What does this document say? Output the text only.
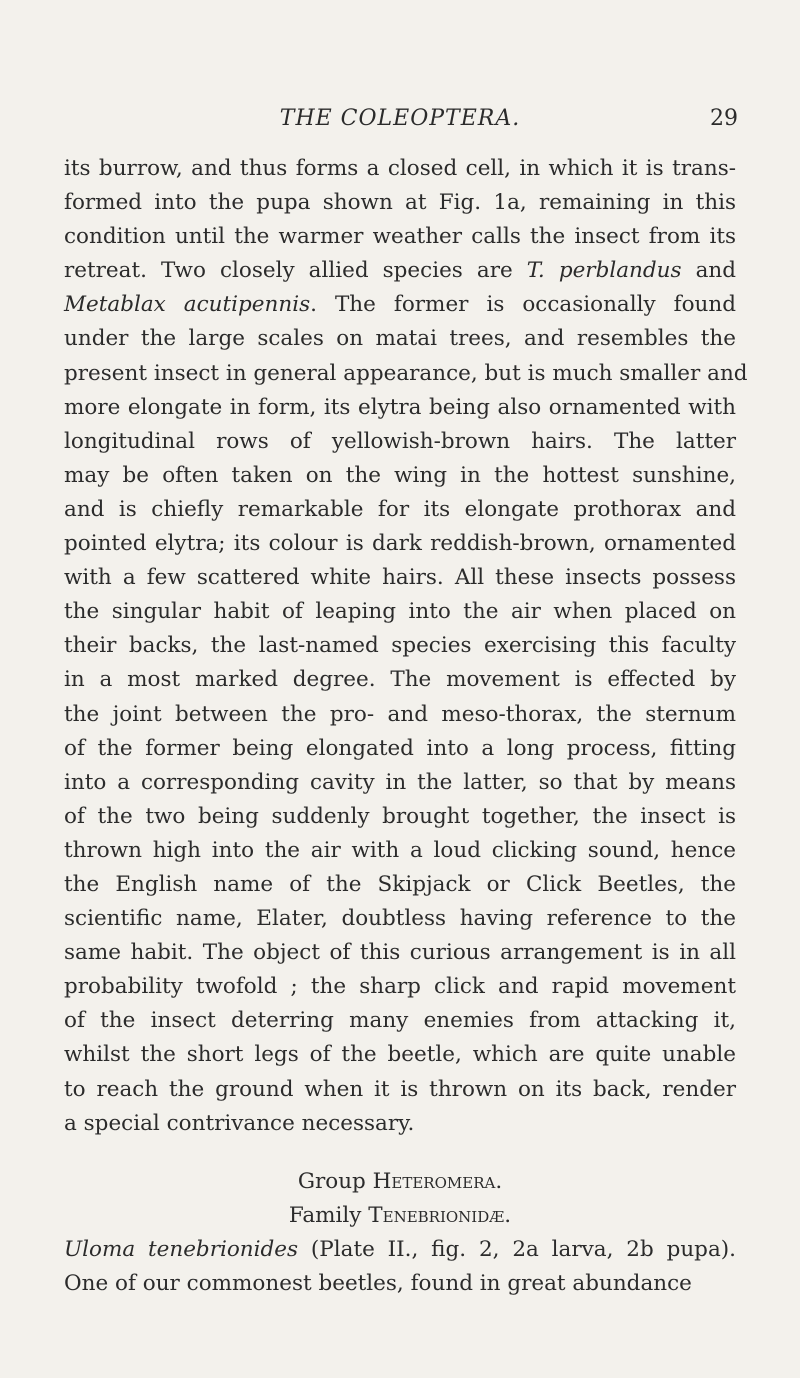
THE COLEOPTERA.	29
its burrow, and thus forms a closed cell, in which it is trans-
formed into the pupa shown at Fig. 1a, remaining in this
condition until the warmer weather calls the insect from its
retreat. Two closely allied species are T. perblandus and
Metablax acutipennis. The former is occasionally found
under the large scales on matai trees, and resembles the
present insect in general appearance, but is much smaller and
more elongate in form, its elytra being also ornamented with
longitudinal rows of yellowish-brown hairs. The latter
may be often taken on the wing in the hottest sunshine,
and is chiefly remarkable for its elongate prothorax and
pointed elytra; its colour is dark reddish-brown, ornamented
with a few scattered white hairs. All these insects possess
the singular habit of leaping into the air when placed on
their backs, the last-named species exercising this faculty
in a most marked degree. The movement is effected by
the joint between the pro- and meso-thorax, the sternum
of the former being elongated into a long process, fitting
into a corresponding cavity in the latter, so that by means
of the two being suddenly brought together, the insect is
thrown high into the air with a loud clicking sound, hence
the English name of the Skipjack or Click Beetles, the
scientific name, Elater, doubtless having reference to the
same habit. The object of this curious arrangement is in all
probability twofold ; the sharp click and rapid movement
of the insect deterring many enemies from attacking it,
whilst the short legs of the beetle, which are quite unable
to reach the ground when it is thrown on its back, render
a special contrivance necessary.
Group Heteromera.
Family Tenebrionidæ.
Uloma tenebrionides (Plate II., fig. 2, 2a larva, 2b pupa).
One of our commonest beetles, found in great abundance
